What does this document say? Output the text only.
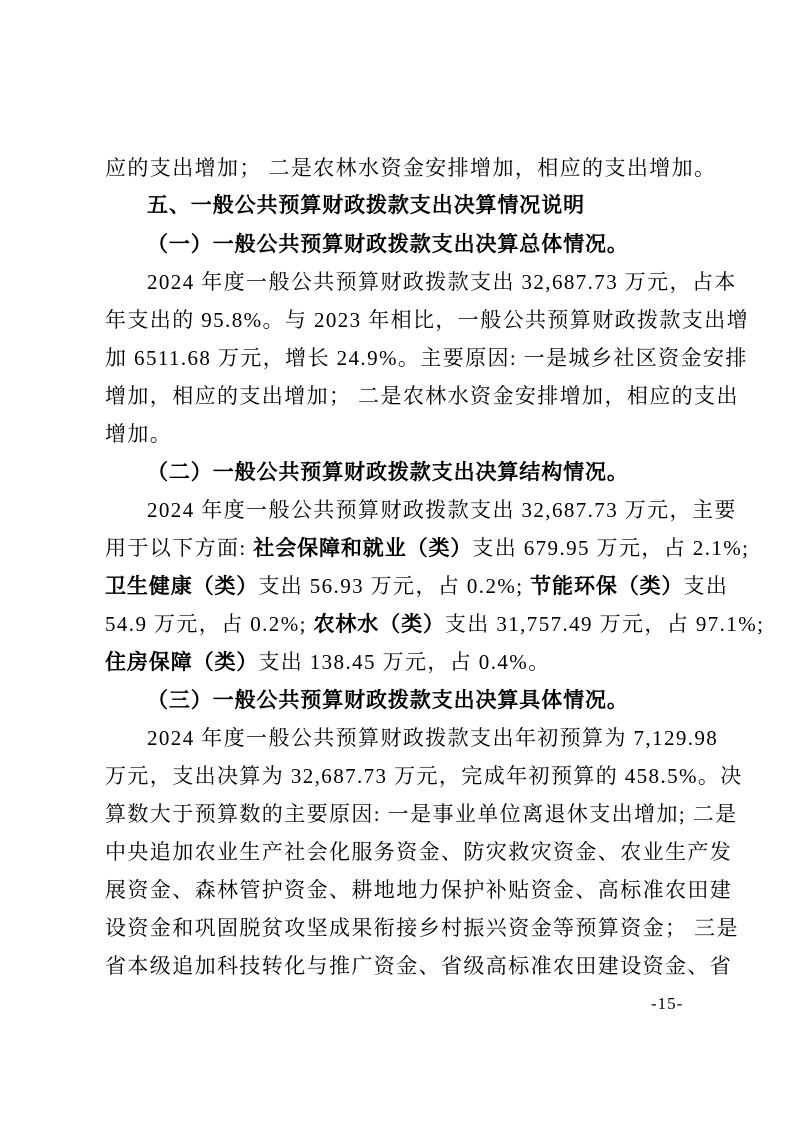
应的支出增加； 二是农林水资金安排增加，相应的支出增加。
五、一般公共预算财政拨款支出决算情况说明
（一）一般公共预算财政拨款支出决算总体情况。
2024 年度一般公共预算财政拨款支出 32,687.73 万元，占本
年支出的 95.8%。与 2023 年相比，一般公共预算财政拨款支出增
加 6511.68 万元，增长 24.9%。主要原因: 一是城乡社区资金安排
增加，相应的支出增加； 二是农林水资金安排增加，相应的支出
增加。
（二）一般公共预算财政拨款支出决算结构情况。
2024 年度一般公共预算财政拨款支出 32,687.73 万元，主要
用于以下方面: 社会保障和就业（类）支出 679.95 万元，占 2.1%;
卫生健康（类）支出 56.93 万元，占 0.2%; 节能环保（类）支出
54.9 万元，占 0.2%; 农林水（类）支出 31,757.49 万元，占 97.1%;
住房保障（类）支出 138.45 万元，占 0.4%。
（三）一般公共预算财政拨款支出决算具体情况。
2024 年度一般公共预算财政拨款支出年初预算为 7,129.98
万元，支出决算为 32,687.73 万元，完成年初预算的 458.5%。决
算数大于预算数的主要原因: 一是事业单位离退休支出增加; 二是
中央追加农业生产社会化服务资金、防灾救灾资金、农业生产发
展资金、森林管护资金、耕地地力保护补贴资金、高标准农田建
设资金和巩固脱贫攻坚成果衔接乡村振兴资金等预算资金； 三是
省本级追加科技转化与推广资金、省级高标准农田建设资金、省
-15-
